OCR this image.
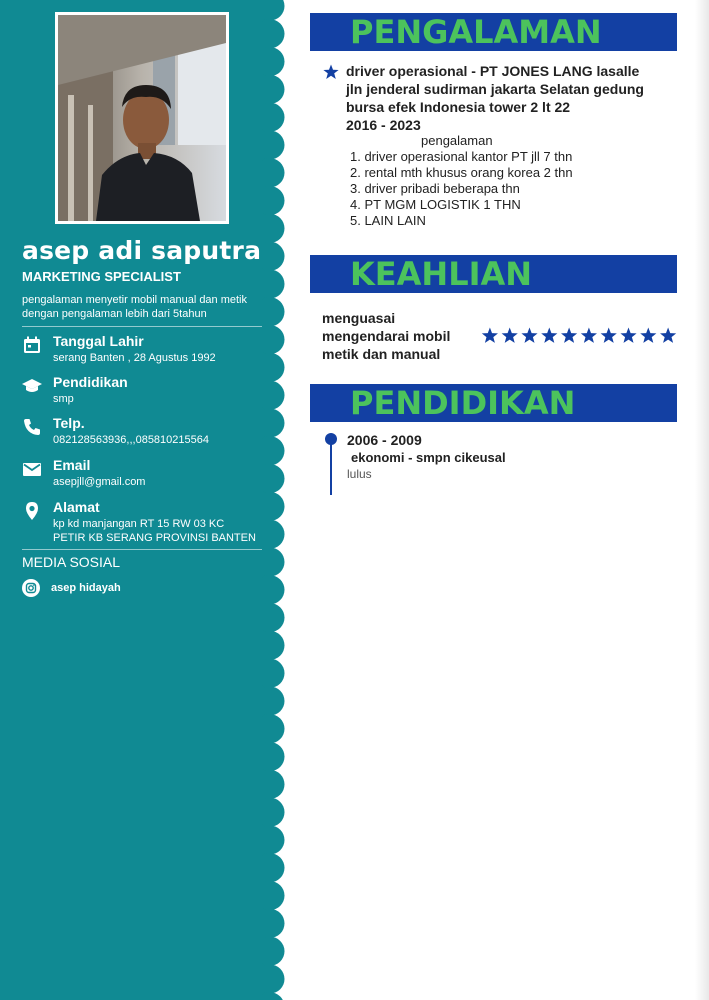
asep adi saputra
MARKETING SPECIALIST
pengalaman menyetir mobil manual dan metik dengan pengalaman lebih dari 5tahun
Tanggal Lahir
serang Banten , 28 Agustus 1992
Pendidikan
smp
Telp.
082128563936,,,085810215564
Email
asepjll@gmail.com
Alamat
kp kd manjangan RT 15 RW 03 KC
PETIR KB SERANG PROVINSI BANTEN
MEDIA SOSIAL
asep hidayah
PENGALAMAN
driver operasional - PT JONES LANG lasalle
jln jenderal sudirman jakarta Selatan gedung
bursa efek Indonesia tower 2 lt 22
2016 - 2023
pengalaman
1. driver operasional kantor PT jll 7 thn
2. rental mth khusus orang korea 2 thn
3. driver pribadi beberapa thn
4. PT MGM LOGISTIK 1 THN
5. LAIN LAIN
KEAHLIAN
menguasai
mengendarai mobil
metik dan manual
PENDIDIKAN
2006 - 2009
ekonomi - smpn cikeusal
lulus
